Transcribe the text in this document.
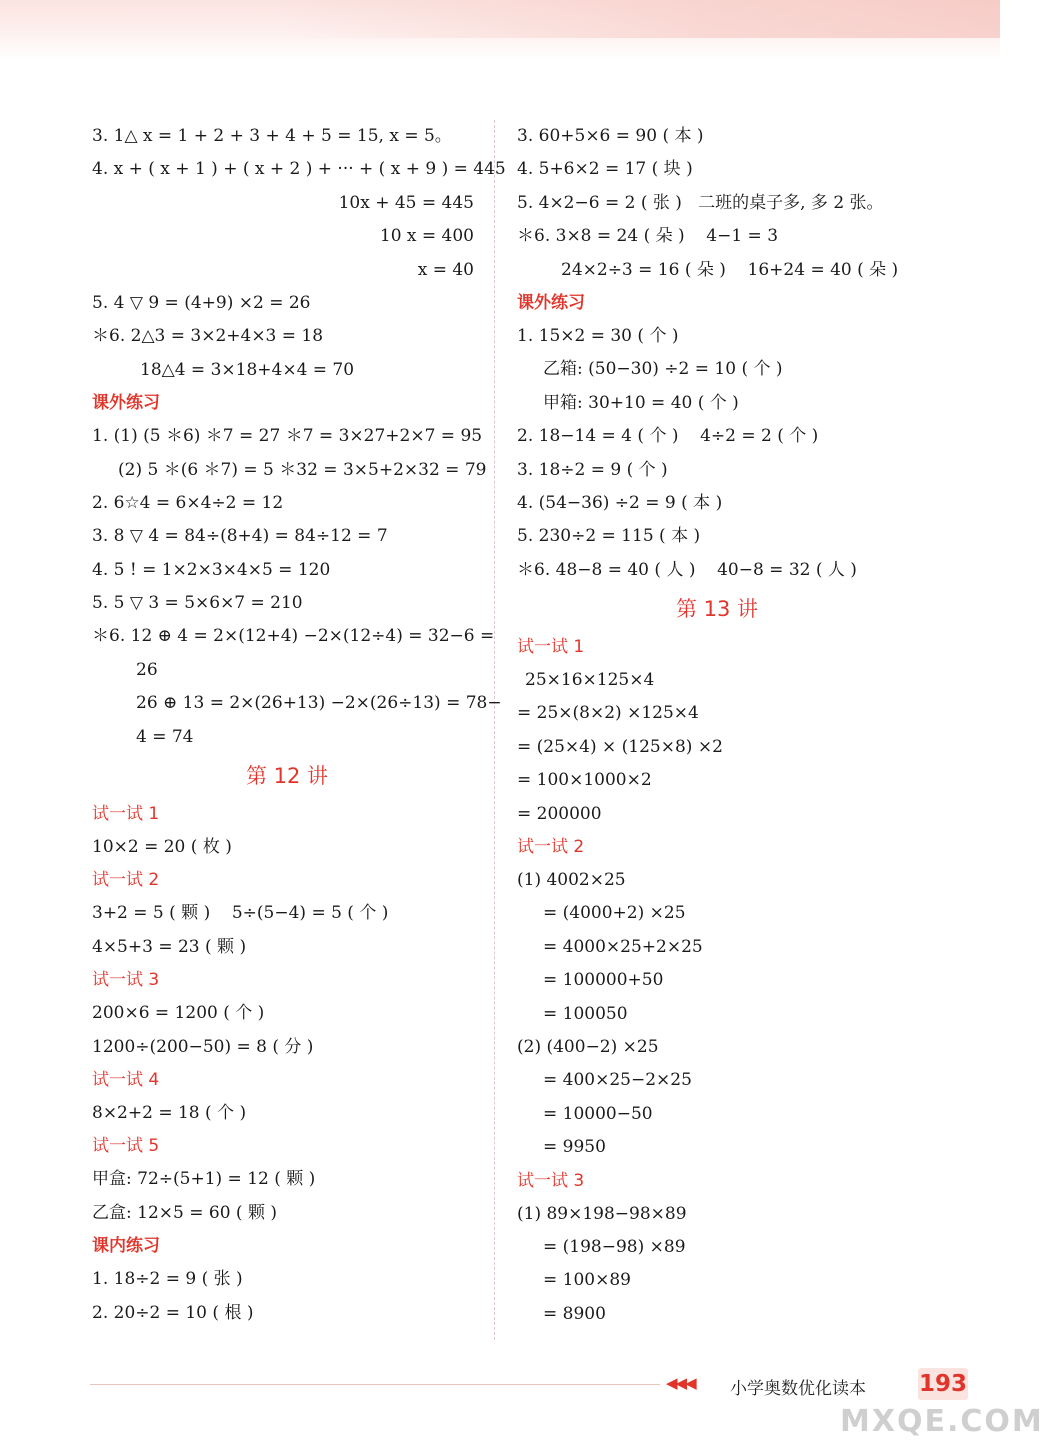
3. 1△ x = 1 + 2 + 3 + 4 + 5 = 15, x = 5。
4. x + ( x + 1 ) + ( x + 2 ) + ··· + ( x + 9 ) = 445
10x + 45 = 445
10 x = 400
x = 40
5. 4 ▽ 9 = (4+9) ×2 = 26
＊6. 2△3 = 3×2+4×3 = 18
18△4 = 3×18+4×4 = 70
课外练习
1. (1) (5 ＊6) ＊7 = 27 ＊7 = 3×27+2×7 = 95
(2) 5 ＊(6 ＊7) = 5 ＊32 = 3×5+2×32 = 79
2. 6☆4 = 6×4÷2 = 12
3. 8 ▽ 4 = 84÷(8+4) = 84÷12 = 7
4. 5 ! = 1×2×3×4×5 = 120
5. 5 ▽ 3 = 5×6×7 = 210
＊6. 12 ⊕ 4 = 2×(12+4) −2×(12÷4) = 32−6 =
26
26 ⊕ 13 = 2×(26+13) −2×(26÷13) = 78−
4 = 74
第 12 讲
试一试 1
10×2 = 20 ( 枚 )
试一试 2
3+2 = 5 ( 颗 )    5÷(5−4) = 5 ( 个 )
4×5+3 = 23 ( 颗 )
试一试 3
200×6 = 1200 ( 个 )
1200÷(200−50) = 8 ( 分 )
试一试 4
8×2+2 = 18 ( 个 )
试一试 5
甲盒: 72÷(5+1) = 12 ( 颗 )
乙盒: 12×5 = 60 ( 颗 )
课内练习
1. 18÷2 = 9 ( 张 )
2. 20÷2 = 10 ( 根 )
3. 60+5×6 = 90 ( 本 )
4. 5+6×2 = 17 ( 块 )
5. 4×2−6 = 2 ( 张 )   二班的桌子多, 多 2 张。
＊6. 3×8 = 24 ( 朵 )    4−1 = 3
24×2÷3 = 16 ( 朵 )    16+24 = 40 ( 朵 )
课外练习
1. 15×2 = 30 ( 个 )
乙箱: (50−30) ÷2 = 10 ( 个 )
甲箱: 30+10 = 40 ( 个 )
2. 18−14 = 4 ( 个 )    4÷2 = 2 ( 个 )
3. 18÷2 = 9 ( 个 )
4. (54−36) ÷2 = 9 ( 本 )
5. 230÷2 = 115 ( 本 )
＊6. 48−8 = 40 ( 人 )    40−8 = 32 ( 人 )
第 13 讲
试一试 1
25×16×125×4
= 25×(8×2) ×125×4
= (25×4) × (125×8) ×2
= 100×1000×2
= 200000
试一试 2
(1) 4002×25
= (4000+2) ×25
= 4000×25+2×25
= 100000+50
= 100050
(2) (400−2) ×25
= 400×25−2×25
= 10000−50
= 9950
试一试 3
(1) 89×198−98×89
= (198−98) ×89
= 100×89
= 8900
◀◀◀ 小学奥数优化读本 193
MXQE.COM
